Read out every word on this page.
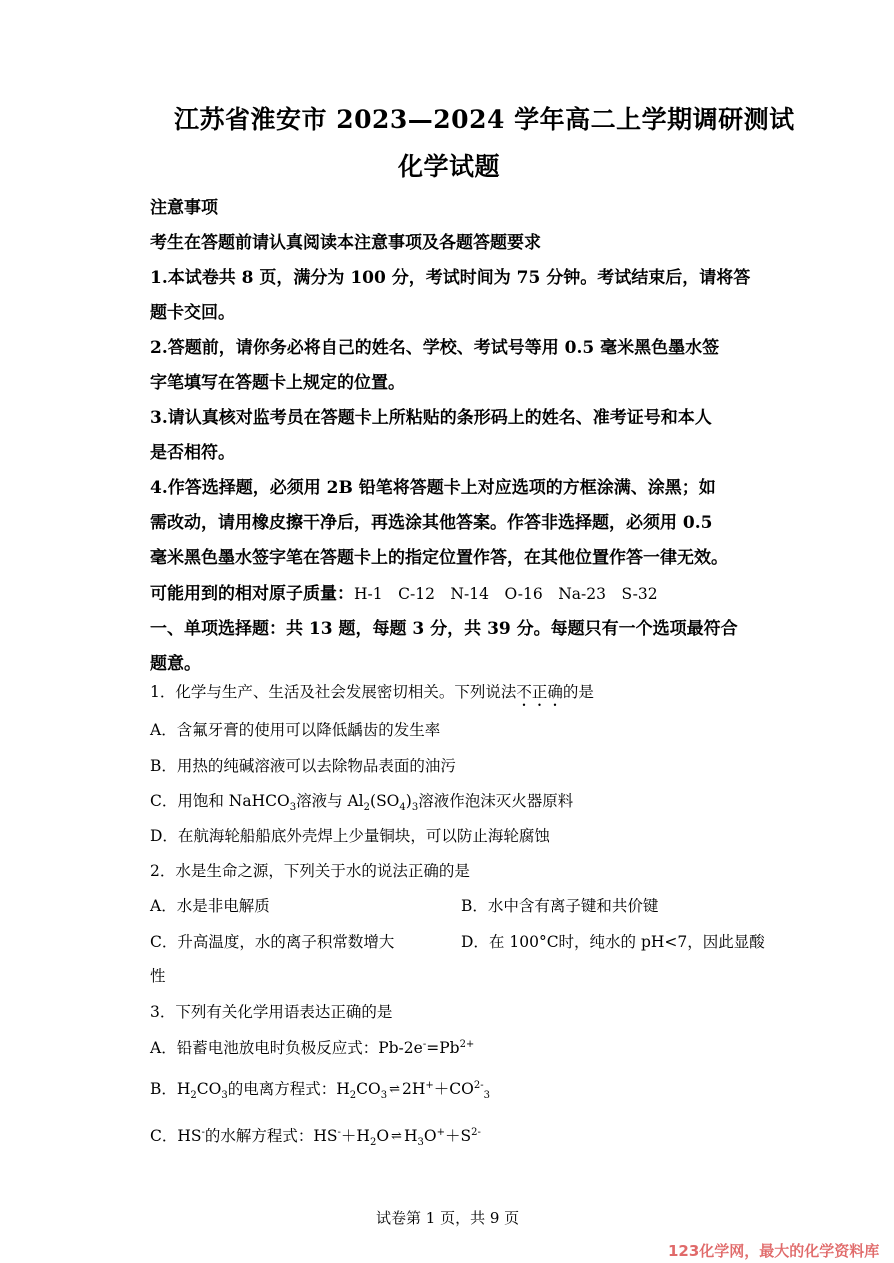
江苏省淮安市 2023—2024 学年高二上学期调研测试
化学试题
注意事项
考生在答题前请认真阅读本注意事项及各题答题要求
1.本试卷共 8 页，满分为 100 分，考试时间为 75 分钟。考试结束后，请将答
题卡交回。
2.答题前，请你务必将自己的姓名、学校、考试号等用 0.5 毫米黑色墨水签
字笔填写在答题卡上规定的位置。
3.请认真核对监考员在答题卡上所粘贴的条形码上的姓名、准考证号和本人
是否相符。
4.作答选择题，必须用 2B 铅笔将答题卡上对应选项的方框涂满、涂黑；如
需改动，请用橡皮擦干净后，再选涂其他答案。作答非选择题，必须用 0.5
毫米黑色墨水签字笔在答题卡上的指定位置作答，在其他位置作答一律无效。
可能用到的相对原子质量：H-1　C-12　N-14　O-16　Na-23　S-32
一、单项选择题：共 13 题，每题 3 分，共 39 分。每题只有一个选项最符合
题意。
1．化学与生产、生活及社会发展密切相关。下列说法不正确的是
A．含氟牙膏的使用可以降低龋齿的发生率
B．用热的纯碱溶液可以去除物品表面的油污
C．用饱和 NaHCO$_3$溶液与 $Al_2(SO_4)_3$溶液作泡沫灭火器原料
D．在航海轮船船底外壳焊上少量铜块，可以防止海轮腐蚀
2．水是生命之源，下列关于水的说法正确的是
A．水是非电解质	B．水中含有离子键和共价键
C．升高温度，水的离子积常数增大	D．在 100°C时，纯水的 pH<7，因此显酸
性
3．下列有关化学用语表达正确的是
A．铅蓄电池放电时负极反应式：$Pb-2e^-=Pb^{2+}$
B．$H_2CO_3$的电离方程式：$H_2CO_3$ ⇌ $2H^++CO^{2-}_3$
C．HS-的水解方程式：$HS^-+H_2O$ ⇌ $H_3O^++S^{2-}$
试卷第 1 页，共 9 页
123化学网，最大的化学资料库
